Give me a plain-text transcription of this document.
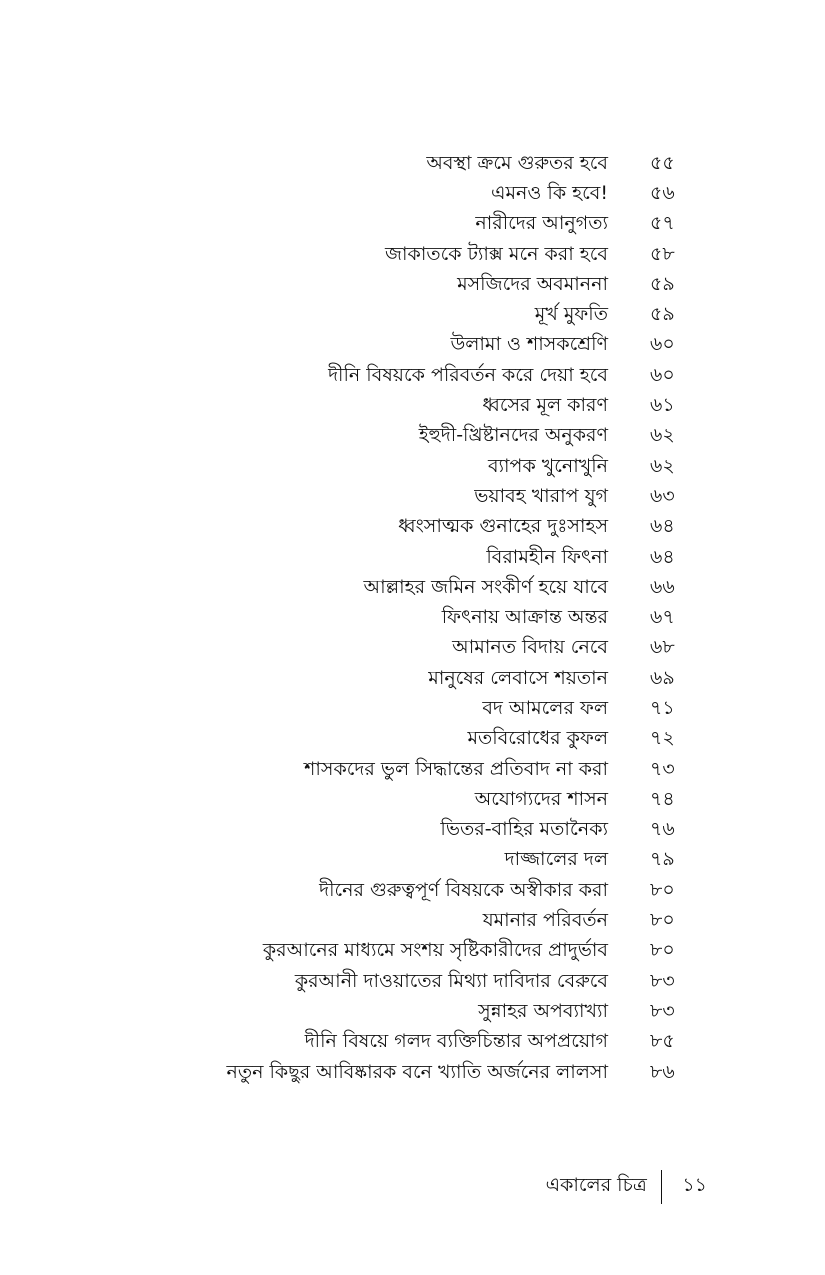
অবস্থা ক্রমে গুরুতর হবে	৫৫
এমনও কি হবে!	৫৬
নারীদের আনুগত্য	৫৭
জাকাতকে ট্যাক্স মনে করা হবে	৫৮
মসজিদের অবমাননা	৫৯
মূর্খ মুফতি	৫৯
উলামা ও শাসকশ্রেণি	৬০
দীনি বিষয়কে পরিবর্তন করে দেয়া হবে	৬০
ধ্বসের মূল কারণ	৬১
ইহুদী-খ্রিষ্টানদের অনুকরণ	৬২
ব্যাপক খুনোখুনি	৬২
ভয়াবহ খারাপ যুগ	৬৩
ধ্বংসাত্মক গুনাহের দুঃসাহস	৬৪
বিরামহীন ফিৎনা	৬৪
আল্লাহর জমিন সংকীর্ণ হয়ে যাবে	৬৬
ফিৎনায় আক্রান্ত অন্তর	৬৭
আমানত বিদায় নেবে	৬৮
মানুষের লেবাসে শয়তান	৬৯
বদ আমলের ফল	৭১
মতবিরোধের কুফল	৭২
শাসকদের ভুল সিদ্ধান্তের প্রতিবাদ না করা	৭৩
অযোগ্যদের শাসন	৭৪
ভিতর-বাহির মতানৈক্য	৭৬
দাজ্জালের দল	৭৯
দীনের গুরুত্বপূর্ণ বিষয়কে অস্বীকার করা	৮০
যমানার পরিবর্তন	৮০
কুরআনের মাধ্যমে সংশয় সৃষ্টিকারীদের প্রাদুর্ভাব	৮০
কুরআনী দাওয়াতের মিথ্যা দাবিদার বেরুবে	৮৩
সুন্নাহর অপব্যাখ্যা	৮৩
দীনি বিষয়ে গলদ ব্যক্তিচিন্তার অপপ্রয়োগ	৮৫
নতুন কিছুর আবিষ্কারক বনে খ্যাতি অর্জনের লালসা	৮৬
একালের চিত্র	১১
